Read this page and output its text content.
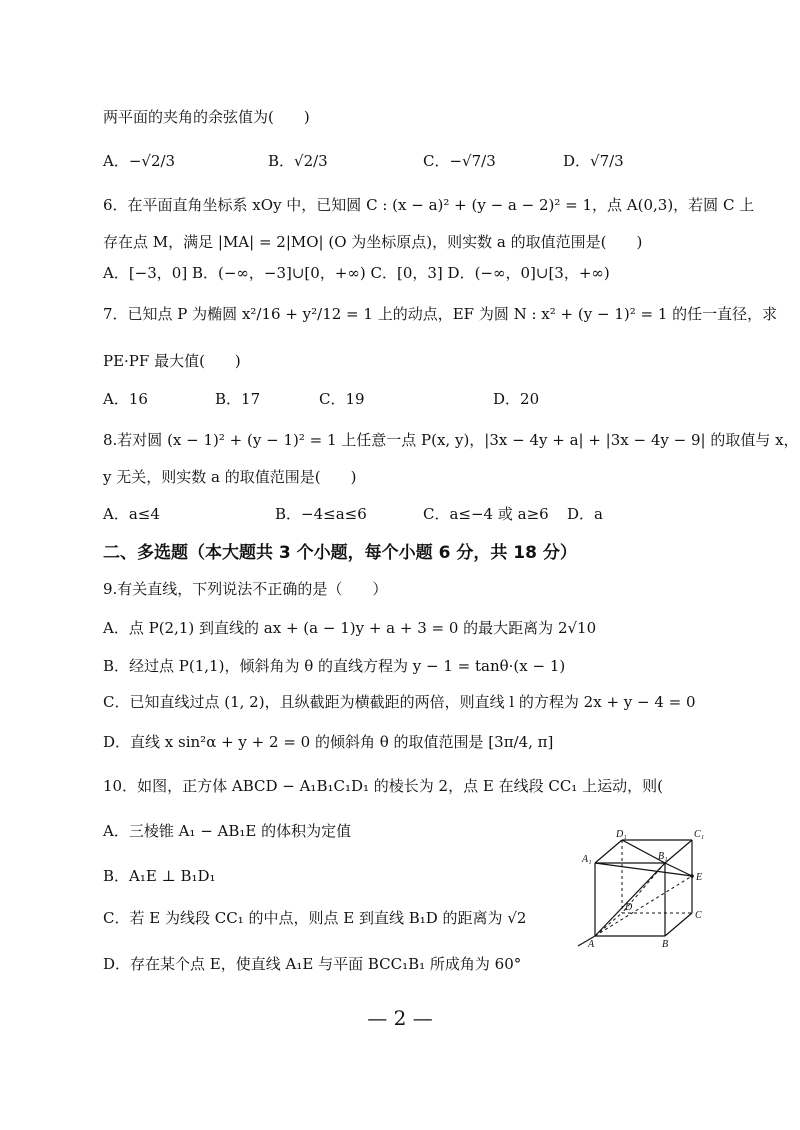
两平面的夹角的余弦值为(　　)
A．−√2/3	B．√2/3	C．−√7/3	D．√7/3
6．在平面直角坐标系 xOy 中，已知圆 C : (x − a)² + (y − a − 2)² = 1，点 A(0,3)，若圆 C 上
存在点 M，满足 |MA| = 2|MO| (O 为坐标原点)，则实数 a 的取值范围是(　　)
A．[−3，0] B．(−∞，−3]∪[0，+∞) C．[0，3] D．(−∞，0]∪[3，+∞)
7．已知点 P 为椭圆 x²/16 + y²/12 = 1 上的动点，EF 为圆 N : x² + (y − 1)² = 1 的任一直径，求
PE·PF 最大值(　　)
A．16	B．17	C．19	D．20
8.若对圆 (x − 1)² + (y − 1)² = 1 上任意一点 P(x, y)，|3x − 4y + a| + |3x − 4y − 9| 的取值与 x，
y 无关，则实数 a 的取值范围是(　　)
A．a≤4	B．−4≤a≤6	C．a≤−4 或 a≥6 D．a
二、多选题（本大题共 3 个小题，每个小题 6 分，共 18 分）
9.有关直线，下列说法不正确的是（　　）
A．点 P(2,1) 到直线的 ax + (a − 1)y + a + 3 = 0 的最大距离为 2√10
B．经过点 P(1,1)，倾斜角为 θ 的直线方程为 y − 1 = tanθ·(x − 1)
C．已知直线过点 (1, 2)，且纵截距为横截距的两倍，则直线 l 的方程为 2x + y − 4 = 0
D．直线 x sin²α + y + 2 = 0 的倾斜角 θ 的取值范围是 [3π/4, π]
10．如图，正方体 ABCD − A₁B₁C₁D₁ 的棱长为 2，点 E 在线段 CC₁ 上运动，则(
A．三棱锥 A₁ − AB₁E 的体积为定值
B．A₁E ⊥ B₁D₁
C．若 E 为线段 CC₁ 的中点，则点 E 到直线 B₁D 的距离为 √2
D．存在某个点 E，使直线 A₁E 与平面 BCC₁B₁ 所成角为 60°
D₁	C₁
A₁	B₁
E
D
C
A	B
— 2 —
